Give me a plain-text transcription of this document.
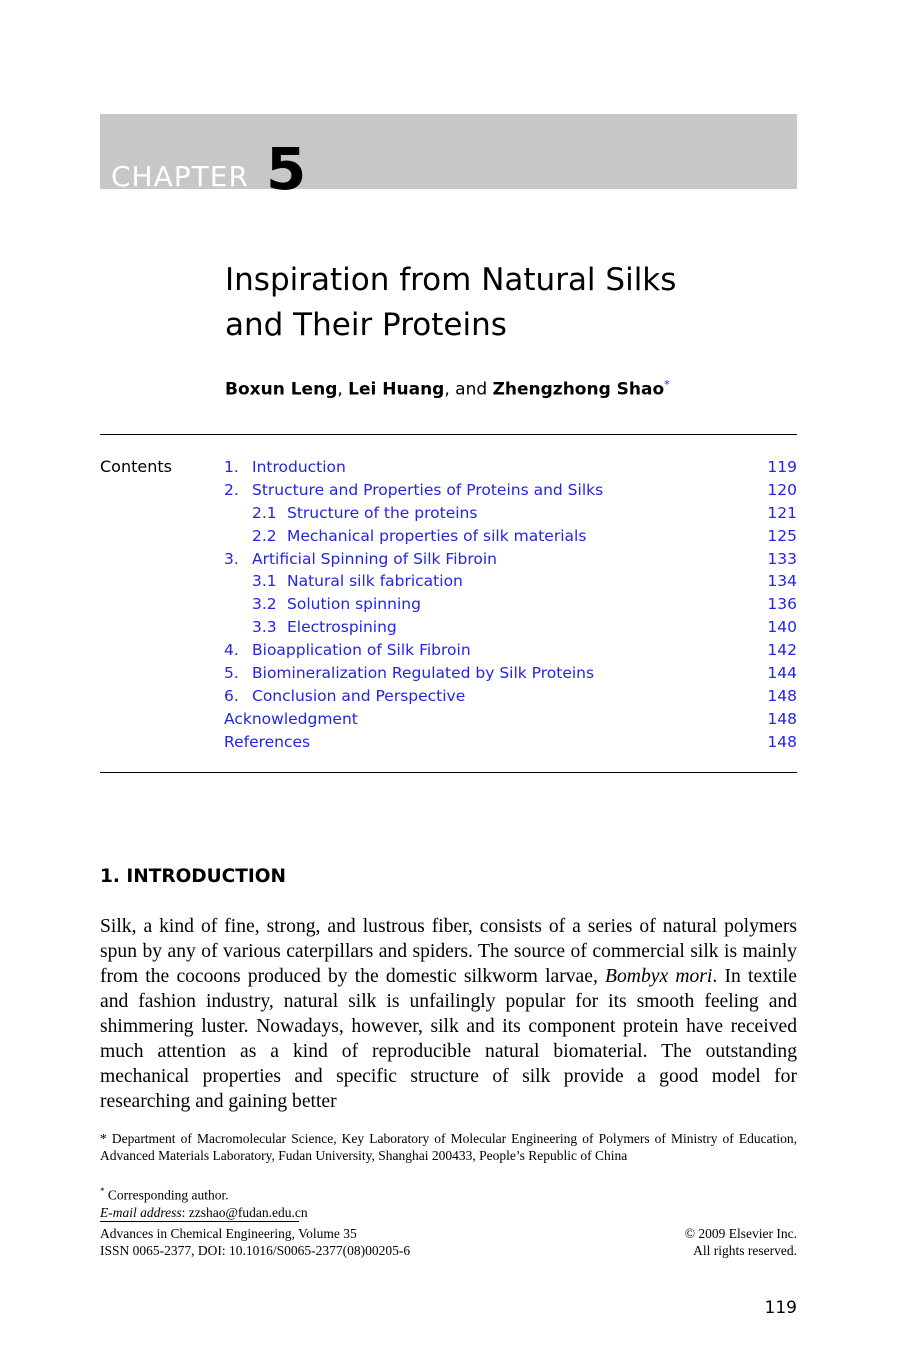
CHAPTER 5
Inspiration from Natural Silks
and Their Proteins
Boxun Leng, Lei Huang, and Zhengzhong Shao*
Contents	1. Introduction	119
2. Structure and Properties of Proteins and Silks	120
2.1 Structure of the proteins	121
2.2 Mechanical properties of silk materials	125
3. Artificial Spinning of Silk Fibroin	133
3.1 Natural silk fabrication	134
3.2 Solution spinning	136
3.3 Electrospining	140
4. Bioapplication of Silk Fibroin	142
5. Biomineralization Regulated by Silk Proteins	144
6. Conclusion and Perspective	148
Acknowledgment	148
References	148
1. INTRODUCTION
Silk, a kind of fine, strong, and lustrous fiber, consists of a series of natural polymers spun by any of various caterpillars and spiders. The source of commercial silk is mainly from the cocoons produced by the domestic silkworm larvae, Bombyx mori. In textile and fashion industry, natural silk is unfailingly popular for its smooth feeling and shimmering luster. Nowadays, however, silk and its component protein have received much attention as a kind of reproducible natural biomaterial. The outstanding mechanical properties and specific structure of silk provide a good model for researching and gaining better
* Department of Macromolecular Science, Key Laboratory of Molecular Engineering of Polymers of Ministry of Education, Advanced Materials Laboratory, Fudan University, Shanghai 200433, People’s Republic of China
* Corresponding author.
E-mail address: zzshao@fudan.edu.cn
Advances in Chemical Engineering, Volume 35
ISSN 0065-2377, DOI: 10.1016/S0065-2377(08)00205-6
© 2009 Elsevier Inc.
All rights reserved.
119
